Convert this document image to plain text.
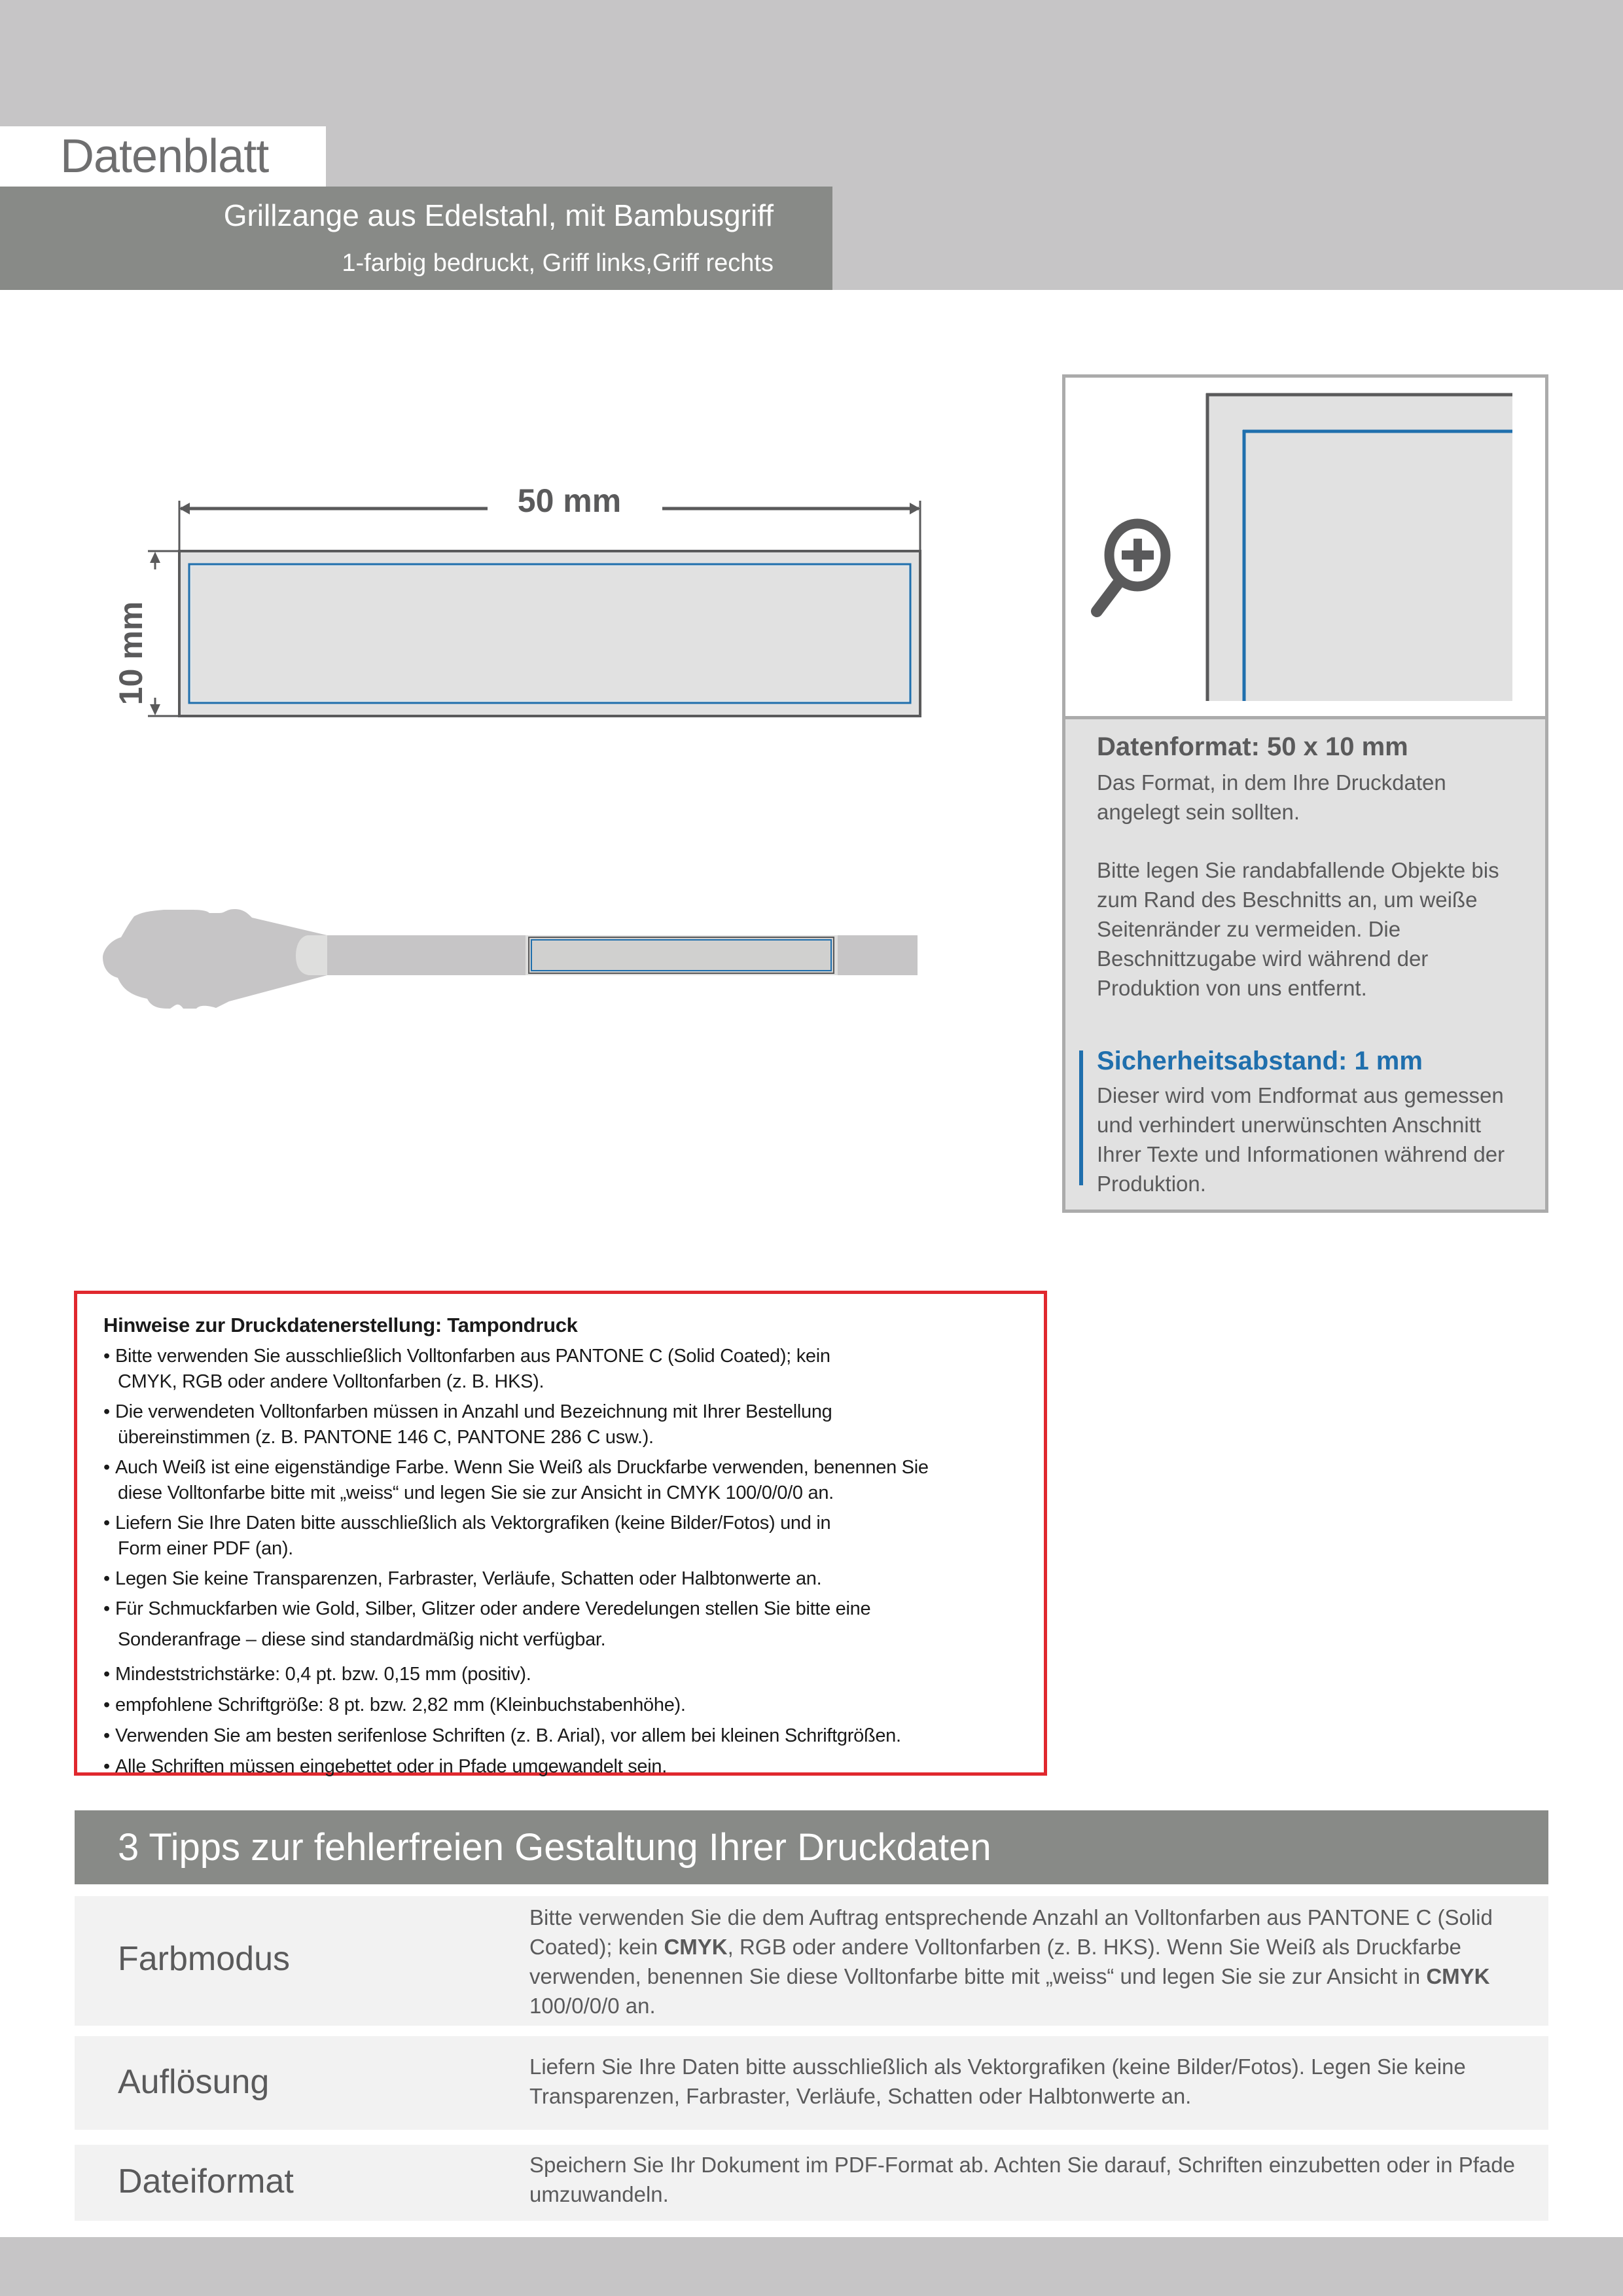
Datenblatt
Grillzange aus Edelstahl, mit Bambusgriff
1-farbig bedruckt, Griff links,Griff rechts
50 mm
10 mm
Datenformat: 50 x 10 mm
Das Format, in dem Ihre Druckdaten angelegt sein sollten.
Bitte legen Sie randabfallende Objekte bis zum Rand des Beschnitts an, um weiße Seitenränder zu vermeiden. Die Beschnittzugabe wird während der Produktion von uns entfernt.
Sicherheitsabstand: 1 mm
Dieser wird vom Endformat aus gemessen und verhindert unerwünschten Anschnitt Ihrer Texte und Informationen während der Produktion.
Hinweise zur Druckdatenerstellung: Tampondruck
• Bitte verwenden Sie ausschließlich Volltonfarben aus PANTONE C (Solid Coated); kein
CMYK, RGB oder andere Volltonfarben (z. B. HKS).
• Die verwendeten Volltonfarben müssen in Anzahl und Bezeichnung mit Ihrer Bestellung
übereinstimmen (z. B. PANTONE 146 C, PANTONE 286 C usw.).
• Auch Weiß ist eine eigenständige Farbe. Wenn Sie Weiß als Druckfarbe verwenden, benennen Sie
diese Volltonfarbe bitte mit „weiss“ und legen Sie sie zur Ansicht in CMYK 100/0/0/0 an.
• Liefern Sie Ihre Daten bitte ausschließlich als Vektorgrafiken (keine Bilder/Fotos) und in
Form einer PDF (an).
• Legen Sie keine Transparenzen, Farbraster, Verläufe, Schatten oder Halbtonwerte an.
• Für Schmuckfarben wie Gold, Silber, Glitzer oder andere Veredelungen stellen Sie bitte eine
Sonderanfrage – diese sind standardmäßig nicht verfügbar.
• Mindeststrichstärke: 0,4 pt. bzw. 0,15 mm (positiv).
• empfohlene Schriftgröße: 8 pt. bzw. 2,82 mm (Kleinbuchstabenhöhe).
• Verwenden Sie am besten serifenlose Schriften (z. B. Arial), vor allem bei kleinen Schriftgrößen.
• Alle Schriften müssen eingebettet oder in Pfade umgewandelt sein.
3 Tipps zur fehlerfreien Gestaltung Ihrer Druckdaten
Farbmodus
Bitte verwenden Sie die dem Auftrag entsprechende Anzahl an Volltonfarben aus PANTONE C (Solid Coated); kein CMYK, RGB oder andere Volltonfarben (z. B. HKS). Wenn Sie Weiß als Druckfarbe verwenden, benennen Sie diese Volltonfarbe bitte mit „weiss“ und legen Sie sie zur Ansicht in CMYK 100/0/0/0 an.
Auflösung	Liefern Sie Ihre Daten bitte ausschließlich als Vektorgrafiken (keine Bilder/Fotos). Legen Sie keine Transparenzen, Farbraster, Verläufe, Schatten oder Halbtonwerte an.
Dateiformat	Speichern Sie Ihr Dokument im PDF-Format ab. Achten Sie darauf, Schriften einzubetten oder in Pfade umzuwandeln.
